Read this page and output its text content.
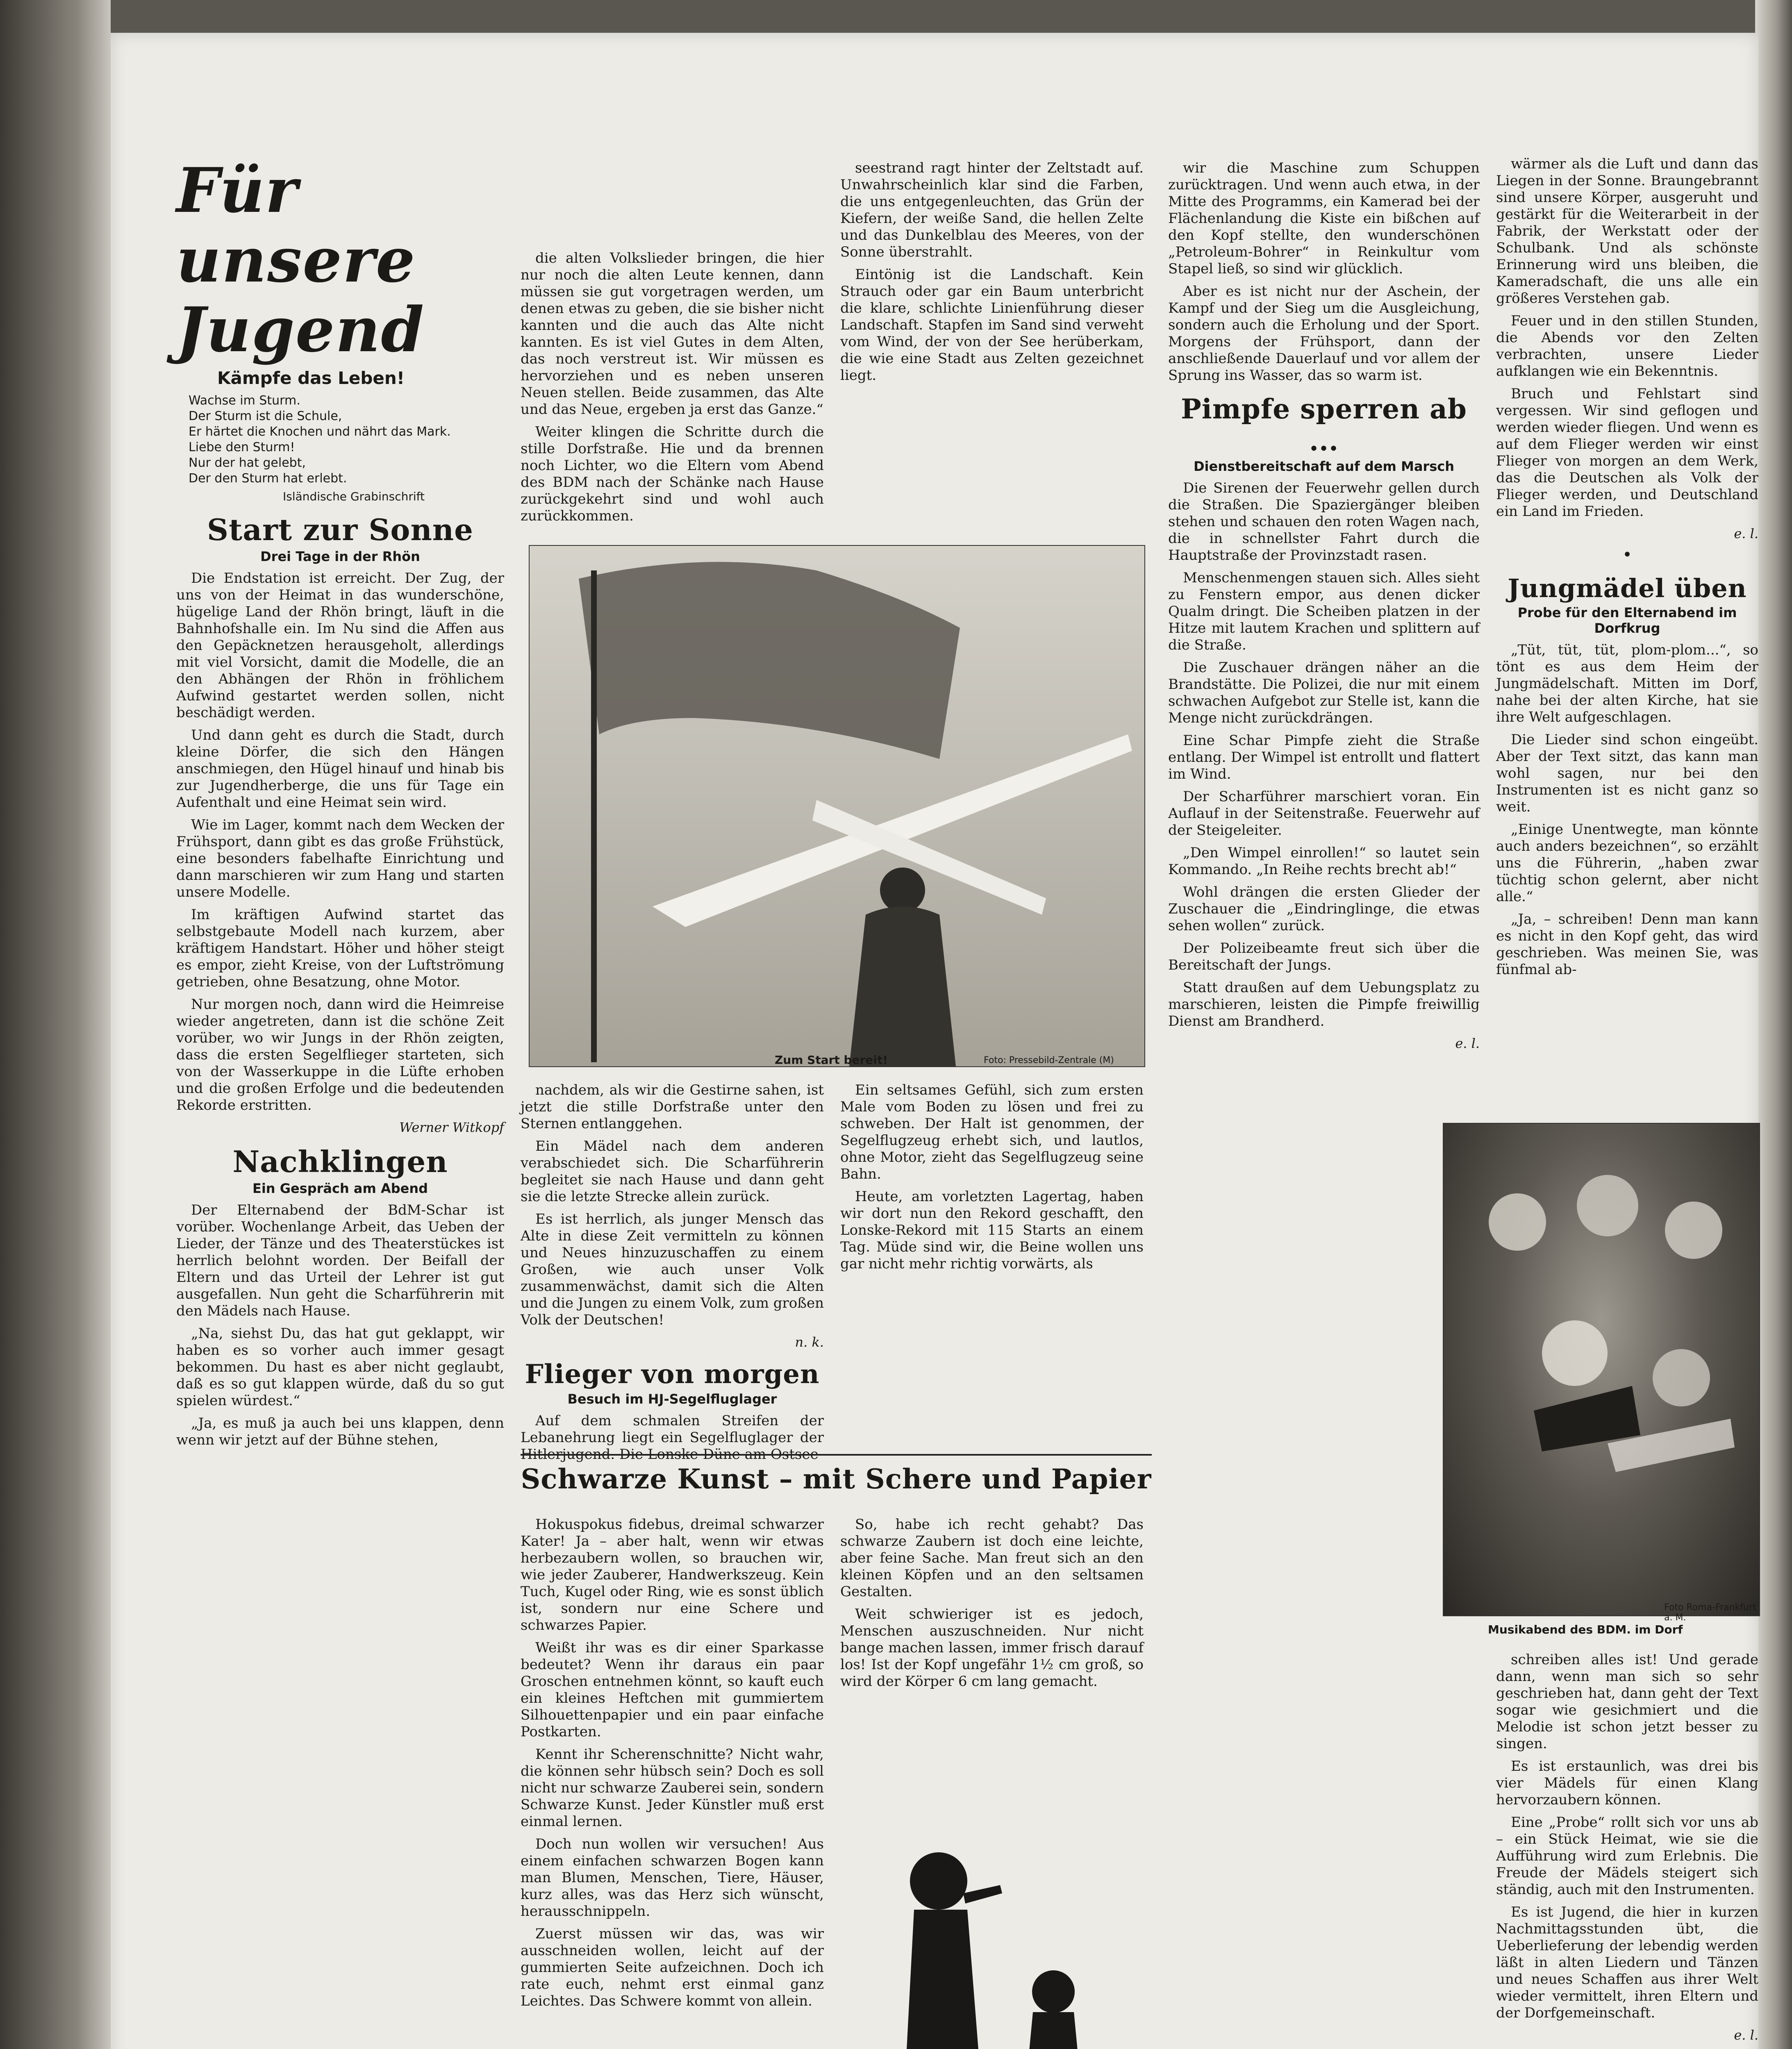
Für unsere Jugend
Kämpfe das Leben!
Wachse im Sturm.
Der Sturm ist die Schule,
Er härtet die Knochen und nährt das Mark.
Liebe den Sturm!
Nur der hat gelebt,
Der den Sturm hat erlebt.
Isländische Grabinschrift
Start zur Sonne
Drei Tage in der Rhön

Die Endstation ist erreicht. Der Zug, der uns von der Heimat in das wunderschöne, hügelige Land der Rhön bringt, läuft in die Bahnhofshalle ein. Im Nu sind die Affen aus den Gepäcknetzen herausgeholt, allerdings mit viel Vorsicht, damit die Modelle, die an den Abhängen der Rhön in fröhlichem Aufwind gestartet werden sollen, nicht beschädigt werden.

Und dann geht es durch die Stadt, durch kleine Dörfer, die sich den Hängen anschmiegen, den Hügel hinauf und hinab bis zur Jugendherberge, die uns für Tage ein Aufenthalt und eine Heimat sein wird.

Wie im Lager, kommt nach dem Wecken der Frühsport, dann gibt es das große Frühstück, eine besonders fabelhafte Einrichtung und dann marschieren wir zum Hang und starten unsere Modelle.

Im kräftigen Aufwind startet das selbstgebaute Modell nach kurzem, aber kräftigem Handstart. Höher und höher steigt es empor, zieht Kreise, von der Luftströmung getrieben, ohne Besatzung, ohne Motor.

Nur morgen noch, dann wird die Heimreise wieder angetreten, dann ist die schöne Zeit vorüber, wo wir Jungs in der Rhön zeigten, dass die ersten Segelflieger starteten, sich von der Wasserkuppe in die Lüfte erhoben und die großen Erfolge und die bedeutenden Rekorde erstritten.

Werner Witkopf
Nachklingen
Ein Gespräch am Abend

Der Elternabend der BdM-Schar ist vorüber. Wochenlange Arbeit, das Ueben der Lieder, der Tänze und des Theaterstückes ist herrlich belohnt worden. Der Beifall der Eltern und das Urteil der Lehrer ist gut ausgefallen. Nun geht die Scharführerin mit den Mädels nach Hause.

„Na, siehst Du, das hat gut geklappt, wir haben es so vorher auch immer gesagt bekommen. Du hast es aber nicht geglaubt, daß es so gut klappen würde, daß du so gut spielen würdest.“

„Ja, es muß ja auch bei uns klappen, denn wenn wir jetzt auf der Bühne stehen,

die alten Volkslieder bringen, die hier nur noch die alten Leute kennen, dann müssen sie gut vorgetragen werden, um denen etwas zu geben, die sie bisher nicht kannten und die auch das Alte nicht kannten. Es ist viel Gutes in dem Alten, das noch verstreut ist. Wir müssen es hervorziehen und es neben unseren Neuen stellen. Beide zusammen, das Alte und das Neue, ergeben ja erst das Ganze.“

Weiter klingen die Schritte durch die stille Dorfstraße. Hie und da brennen noch Lichter, wo die Eltern vom Abend des BDM nach der Schänke nach Hause zurückgekehrt sind und wohl auch zurückkommen.

seestrand ragt hinter der Zeltstadt auf. Unwahrscheinlich klar sind die Farben, die uns entgegenleuchten, das Grün der Kiefern, der weiße Sand, die hellen Zelte und das Dunkelblau des Meeres, von der Sonne überstrahlt.

Eintönig ist die Landschaft. Kein Strauch oder gar ein Baum unterbricht die klare, schlichte Linienführung dieser Landschaft. Stapfen im Sand sind verweht vom Wind, der von der See herüberkam, die wie eine Stadt aus Zelten gezeichnet liegt.

Zum Start bereit!	Foto: Pressebild-Zentrale (M)

nachdem, als wir die Gestirne sahen, ist jetzt die stille Dorfstraße unter den Sternen entlanggehen.

Ein Mädel nach dem anderen verabschiedet sich. Die Scharführerin begleitet sie nach Hause und dann geht sie die letzte Strecke allein zurück.

Es ist herrlich, als junger Mensch das Alte in diese Zeit vermitteln zu können und Neues hinzuzuschaffen zu einem Großen, wie auch unser Volk zusammenwächst, damit sich die Alten und die Jungen zu einem Volk, zum großen Volk der Deutschen!

n. k.
Flieger von morgen
Besuch im HJ-Segelfluglager

Auf dem schmalen Streifen der Lebanehrung liegt ein Segelfluglager der Hitlerjugend. Die Lonske-Düne am Ostsee

Ein seltsames Gefühl, sich zum ersten Male vom Boden zu lösen und frei zu schweben. Der Halt ist genommen, der Segelflugzeug erhebt sich, und lautlos, ohne Motor, zieht das Segelflugzeug seine Bahn.

Heute, am vorletzten Lagertag, haben wir dort nun den Rekord geschafft, den Lonske-Rekord mit 115 Starts an einem Tag. Müde sind wir, die Beine wollen uns gar nicht mehr richtig vorwärts, als

Schwarze Kunst – mit Schere und Papier

Hokuspokus fidebus, dreimal schwarzer Kater! Ja – aber halt, wenn wir etwas herbezaubern wollen, so brauchen wir, wie jeder Zauberer, Handwerkszeug. Kein Tuch, Kugel oder Ring, wie es sonst üblich ist, sondern nur eine Schere und schwarzes Papier.

Weißt ihr was es dir einer Sparkasse bedeutet? Wenn ihr daraus ein paar Groschen entnehmen könnt, so kauft euch ein kleines Heftchen mit gummiertem Silhouettenpapier und ein paar einfache Postkarten.

Kennt ihr Scherenschnitte? Nicht wahr, die können sehr hübsch sein? Doch es soll nicht nur schwarze Zauberei sein, sondern Schwarze Kunst. Jeder Künstler muß erst einmal lernen.

Doch nun wollen wir versuchen! Aus einem einfachen schwarzen Bogen kann man Blumen, Menschen, Tiere, Häuser, kurz alles, was das Herz sich wünscht, herausschnippeln.

Zuerst müssen wir das, was wir ausschneiden wollen, leicht auf der gummierten Seite aufzeichnen. Doch ich rate euch, nehmt erst einmal ganz Leichtes. Das Schwere kommt von allein.

So, habe ich recht gehabt? Das schwarze Zaubern ist doch eine leichte, aber feine Sache. Man freut sich an den kleinen Köpfen und an den seltsamen Gestalten.

Weit schwieriger ist es jedoch, Menschen auszuschneiden. Nur nicht bange machen lassen, immer frisch darauf los! Ist der Kopf ungefähr 1½ cm groß, so wird der Körper 6 cm lang gemacht.

wir die Maschine zum Schuppen zurücktragen. Und wenn auch etwa, in der Mitte des Programms, ein Kamerad bei der Flächenlandung die Kiste ein bißchen auf den Kopf stellte, den wunderschönen „Petroleum-Bohrer“ in Reinkultur vom Stapel ließ, so sind wir glücklich.

Aber es ist nicht nur der Aschein, der Kampf und der Sieg um die Ausgleichung, sondern auch die Erholung und der Sport. Morgens der Frühsport, dann der anschließende Dauerlauf und vor allem der Sprung ins Wasser, das so warm ist.

Pimpfe sperren ab ...
Dienstbereitschaft auf dem Marsch

Die Sirenen der Feuerwehr gellen durch die Straßen. Die Spaziergänger bleiben stehen und schauen den roten Wagen nach, die in schnellster Fahrt durch die Hauptstraße der Provinzstadt rasen.

Menschenmengen stauen sich. Alles sieht zu Fenstern empor, aus denen dicker Qualm dringt. Die Scheiben platzen in der Hitze mit lautem Krachen und splittern auf die Straße.

Die Zuschauer drängen näher an die Brandstätte. Die Polizei, die nur mit einem schwachen Aufgebot zur Stelle ist, kann die Menge nicht zurückdrängen.

Eine Schar Pimpfe zieht die Straße entlang. Der Wimpel ist entrollt und flattert im Wind.

Der Scharführer marschiert voran. Ein Auflauf in der Seitenstraße. Feuerwehr auf der Steigeleiter.

„Den Wimpel einrollen!“ so lautet sein Kommando. „In Reihe rechts brecht ab!“

Wohl drängen die ersten Glieder der Zuschauer die „Eindringlinge, die etwas sehen wollen“ zurück.

Der Polizeibeamte freut sich über die Bereitschaft der Jungs.

Statt draußen auf dem Uebungsplatz zu marschieren, leisten die Pimpfe freiwillig Dienst am Brandherd.

e. l.

wärmer als die Luft und dann das Liegen in der Sonne. Braungebrannt sind unsere Körper, ausgeruht und gestärkt für die Weiterarbeit in der Fabrik, der Werkstatt oder der Schulbank. Und als schönste Erinnerung wird uns bleiben, die Kameradschaft, die uns alle ein größeres Verstehen gab.

Feuer und in den stillen Stunden, die Abends vor den Zelten verbrachten, unsere Lieder aufklangen wie ein Bekenntnis.

Bruch und Fehlstart sind vergessen. Wir sind geflogen und werden wieder fliegen. Und wenn es auf dem Flieger werden wir einst Flieger von morgen an dem Werk, das die Deutschen als Volk der Flieger werden, und Deutschland ein Land im Frieden.

e. l.
•
Jungmädel üben
Probe für den Elternabend im Dorfkrug

„Tüt, tüt, tüt, plom-plom...“, so tönt es aus dem Heim der Jungmädelschaft. Mitten im Dorf, nahe bei der alten Kirche, hat sie ihre Welt aufgeschlagen.

Die Lieder sind schon eingeübt. Aber der Text sitzt, das kann man wohl sagen, nur bei den Instrumenten ist es nicht ganz so weit.

„Einige Unentwegte, man könnte auch anders bezeichnen“, so erzählt uns die Führerin, „haben zwar tüchtig schon gelernt, aber nicht alle.“

„Ja, – schreiben! Denn man kann es nicht in den Kopf geht, das wird geschrieben. Was meinen Sie, was fünfmal ab-

Foto Roma-Frankfurt a. M.
Musikabend des BDM. im Dorf

schreiben alles ist! Und gerade dann, wenn man sich so sehr geschrieben hat, dann geht der Text sogar wie gesichmiert und die Melodie ist schon jetzt besser zu singen.

Es ist erstaunlich, was drei bis vier Mädels für einen Klang hervorzaubern können.

Eine „Probe“ rollt sich vor uns ab – ein Stück Heimat, wie sie die Aufführung wird zum Erlebnis. Die Freude der Mädels steigert sich ständig, auch mit den Instrumenten.

Es ist Jugend, die hier in kurzen Nachmittagsstunden übt, die Ueberlieferung der lebendig werden läßt in alten Liedern und Tänzen und neues Schaffen aus ihrer Welt wieder vermittelt, ihren Eltern und der Dorfgemeinschaft.

e. l.
